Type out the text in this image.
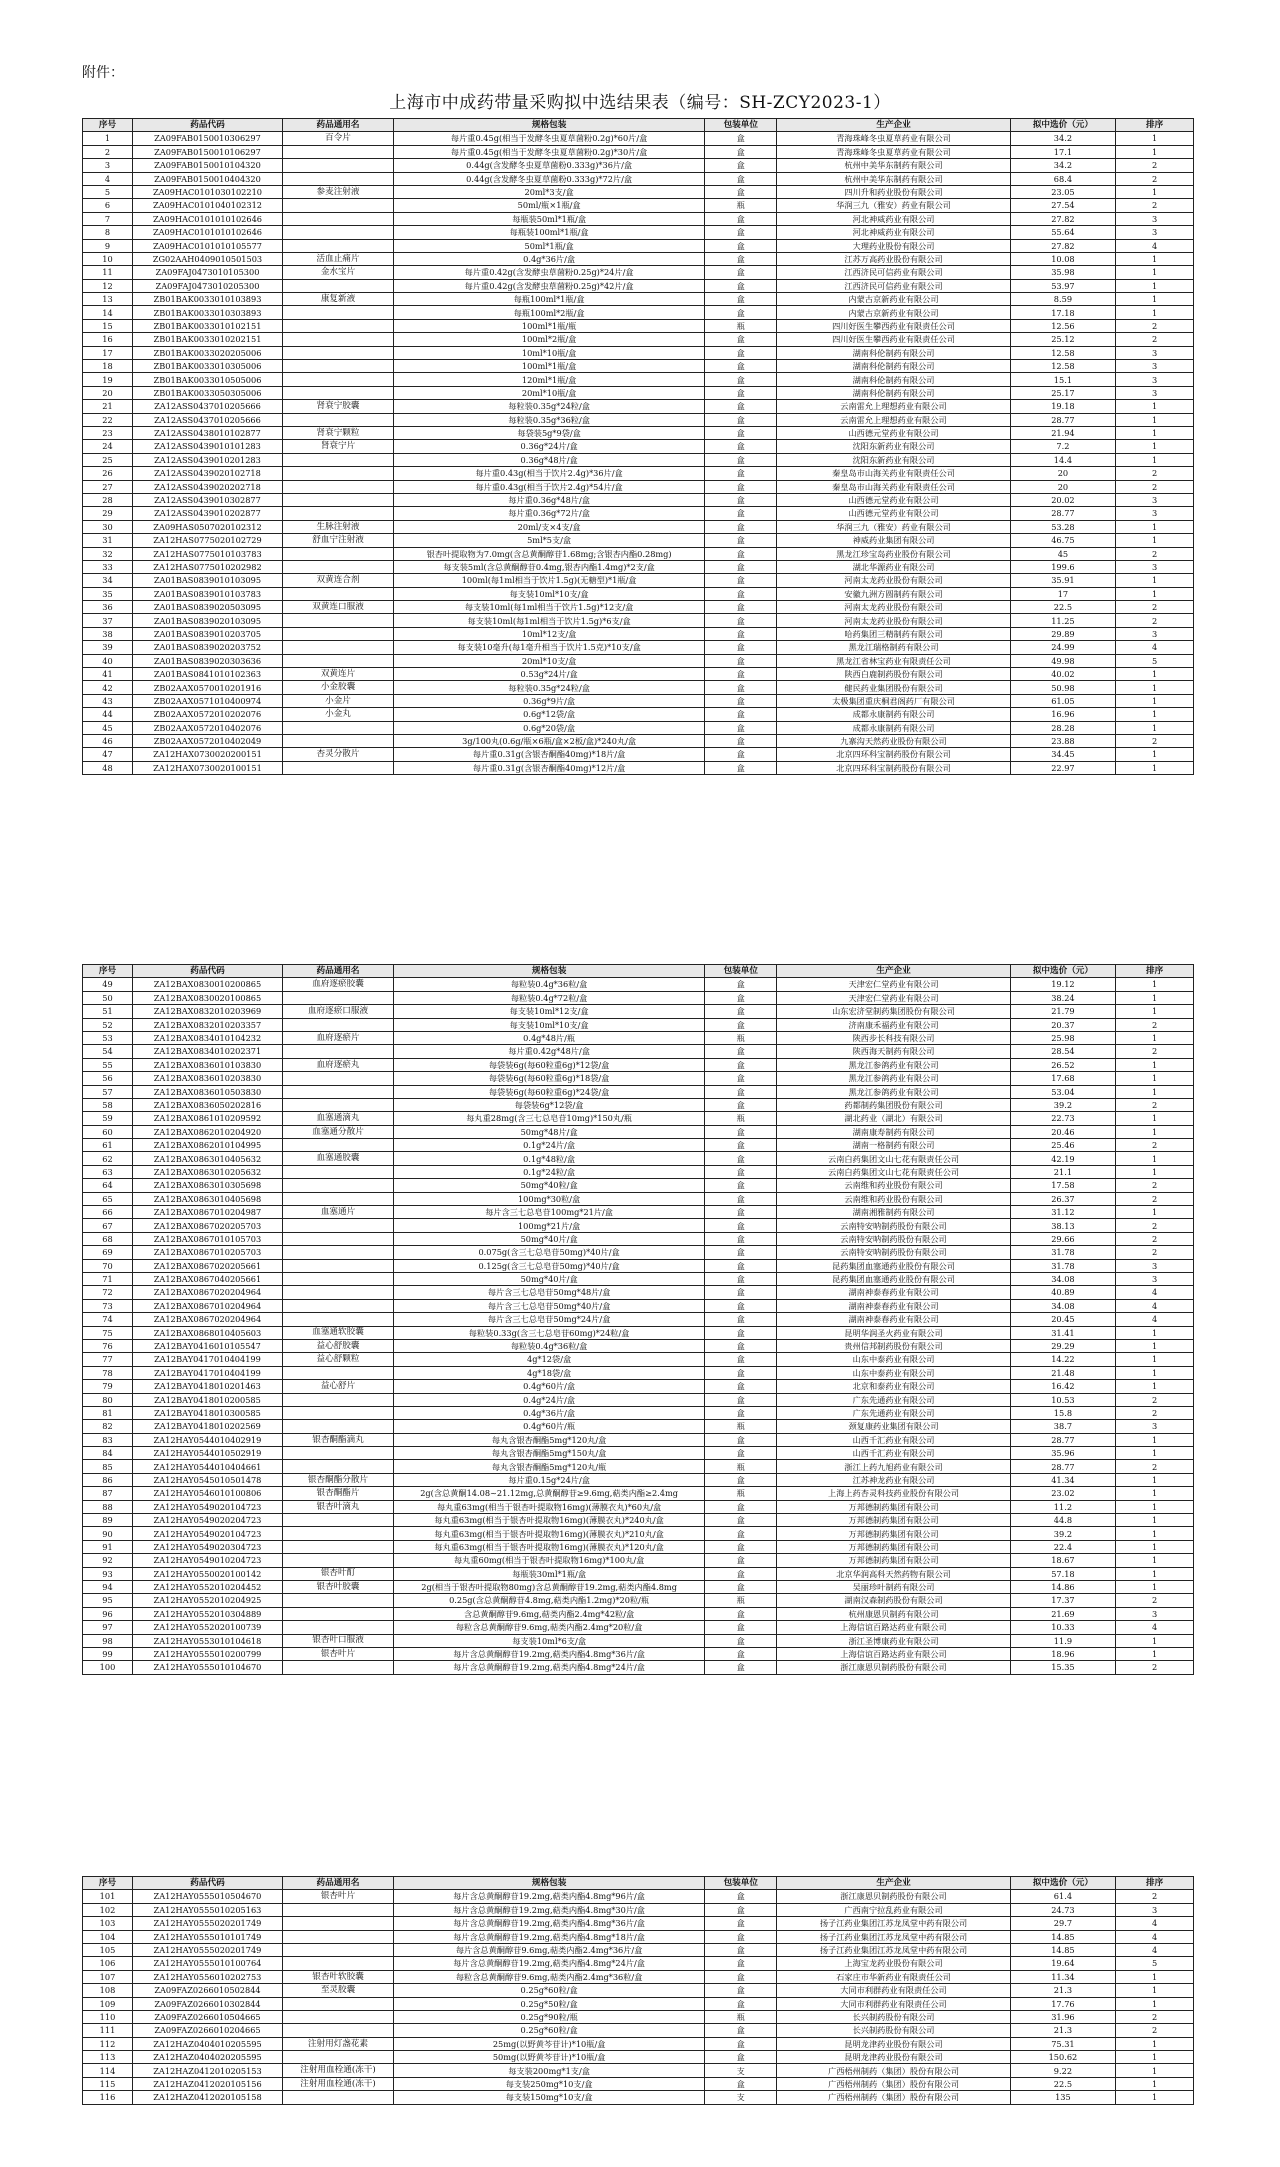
附件：
上海市中成药带量采购拟中选结果表（编号：SH-ZCY2023-1）
序号	药品代码	药品通用名	规格包装	包装单位	生产企业	拟中选价（元）	排序
1	ZA09FAB0150010306297	百令片	每片重0.45g(相当于发酵冬虫夏草菌粉0.2g)*60片/盒	盒	青海珠峰冬虫夏草药业有限公司	34.2	1
2	ZA09FAB0150010106297		每片重0.45g(相当于发酵冬虫夏草菌粉0.2g)*30片/盒	盒	青海珠峰冬虫夏草药业有限公司	17.1	1
3	ZA09FAB0150010104320		0.44g(含发酵冬虫夏草菌粉0.333g)*36片/盒	盒	杭州中美华东制药有限公司	34.2	2
4	ZA09FAB0150010404320		0.44g(含发酵冬虫夏草菌粉0.333g)*72片/盒	盒	杭州中美华东制药有限公司	68.4	2
5	ZA09HAC0101030102210	参麦注射液	20ml*3支/盒	盒	四川升和药业股份有限公司	23.05	1
6	ZA09HAC0101040102312		50ml/瓶×1瓶/盒	瓶	华润三九（雅安）药业有限公司	27.54	2
7	ZA09HAC0101010102646		每瓶装50ml*1瓶/盒	盒	河北神威药业有限公司	27.82	3
8	ZA09HAC0101010102646		每瓶装100ml*1瓶/盒	盒	河北神威药业有限公司	55.64	3
9	ZA09HAC0101010105577		50ml*1瓶/盒	盒	大理药业股份有限公司	27.82	4
10	ZG02AAH0409010501503	活血止痛片	0.4g*36片/盒	盒	江苏万高药业股份有限公司	10.08	1
11	ZA09FAJ0473010105300	金水宝片	每片重0.42g(含发酵虫草菌粉0.25g)*24片/盒	盒	江西济民可信药业有限公司	35.98	1
12	ZA09FAJ0473010205300		每片重0.42g(含发酵虫草菌粉0.25g)*42片/盒	盒	江西济民可信药业有限公司	53.97	1
13	ZB01BAK0033010103893	康复新液	每瓶100ml*1瓶/盒	盒	内蒙古京新药业有限公司	8.59	1
14	ZB01BAK0033010303893		每瓶100ml*2瓶/盒	盒	内蒙古京新药业有限公司	17.18	1
15	ZB01BAK0033010102151		100ml*1瓶/瓶	瓶	四川好医生攀西药业有限责任公司	12.56	2
16	ZB01BAK0033010202151		100ml*2瓶/盒	盒	四川好医生攀西药业有限责任公司	25.12	2
17	ZB01BAK0033020205006		10ml*10瓶/盒	盒	湖南科伦制药有限公司	12.58	3
18	ZB01BAK0033010305006		100ml*1瓶/盒	盒	湖南科伦制药有限公司	12.58	3
19	ZB01BAK0033010505006		120ml*1瓶/盒	盒	湖南科伦制药有限公司	15.1	3
20	ZB01BAK0033050305006		20ml*10瓶/盒	盒	湖南科伦制药有限公司	25.17	3
21	ZA12ASS0437010205666	肾衰宁胶囊	每粒装0.35g*24粒/盒	盒	云南雷允上理想药业有限公司	19.18	1
22	ZA12ASS0437010205666		每粒装0.35g*36粒/盒	盒	云南雷允上理想药业有限公司	28.77	1
23	ZA12ASS0438010102877	肾衰宁颗粒	每袋装5g*9袋/盒	盒	山西德元堂药业有限公司	21.94	1
24	ZA12ASS0439010101283	肾衰宁片	0.36g*24片/盒	盒	沈阳东新药业有限公司	7.2	1
25	ZA12ASS0439010201283		0.36g*48片/盒	盒	沈阳东新药业有限公司	14.4	1
26	ZA12ASS0439020102718		每片重0.43g(相当于饮片2.4g)*36片/盒	盒	秦皇岛市山海关药业有限责任公司	20	2
27	ZA12ASS0439020202718		每片重0.43g(相当于饮片2.4g)*54片/盒	盒	秦皇岛市山海关药业有限责任公司	20	2
28	ZA12ASS0439010302877		每片重0.36g*48片/盒	盒	山西德元堂药业有限公司	20.02	3
29	ZA12ASS0439010202877		每片重0.36g*72片/盒	盒	山西德元堂药业有限公司	28.77	3
30	ZA09HAS0507020102312	生脉注射液	20ml/支×4支/盒	盒	华润三九（雅安）药业有限公司	53.28	1
31	ZA12HAS0775020102729	舒血宁注射液	5ml*5支/盒	盒	神威药业集团有限公司	46.75	1
32	ZA12HAS0775010103783		银杏叶提取物为7.0mg(含总黄酮醇苷1.68mg;含银杏内酯0.28mg)	盒	黑龙江珍宝岛药业股份有限公司	45	2
33	ZA12HAS0775010202982		每支装5ml(含总黄酮醇苷0.4mg,银杏内酯1.4mg)*2支/盒	盒	湖北华源药业有限公司	199.6	3
34	ZA01BAS0839010103095	双黄连合剂	100ml(每1ml相当于饮片1.5g)(无糖型)*1瓶/盒	盒	河南太龙药业股份有限公司	35.91	1
35	ZA01BAS0839010103783		每支装10ml*10支/盒	盒	安徽九洲方圆制药有限公司	17	1
36	ZA01BAS0839020503095	双黄连口服液	每支装10ml(每1ml相当于饮片1.5g)*12支/盒	盒	河南太龙药业股份有限公司	22.5	2
37	ZA01BAS0839020103095		每支装10ml(每1ml相当于饮片1.5g)*6支/盒	盒	河南太龙药业股份有限公司	11.25	2
38	ZA01BAS0839010203705		10ml*12支/盒	盒	哈药集团三精制药有限公司	29.89	3
39	ZA01BAS0839020203752		每支装10毫升(每1毫升相当于饮片1.5克)*10支/盒	盒	黑龙江瑞格制药有限公司	24.99	4
40	ZA01BAS0839020303636		20ml*10支/盒	盒	黑龙江省林宝药业有限责任公司	49.98	5
41	ZA01BAS0841010102363	双黄连片	0.53g*24片/盒	盒	陕西白鹿制药股份有限公司	40.02	1
42	ZB02AAX0570010201916	小金胶囊	每粒装0.35g*24粒/盒	盒	健民药业集团股份有限公司	50.98	1
43	ZB02AAX0571010400974	小金片	0.36g*9片/盒	盒	太极集团重庆桐君阁药厂有限公司	61.05	1
44	ZB02AAX0572010202076	小金丸	0.6g*12袋/盒	盒	成都永康制药有限公司	16.96	1
45	ZB02AAX0572010402076		0.6g*20袋/盒	盒	成都永康制药有限公司	28.28	1
46	ZB02AAX0572010402049		3g/100丸(0.6g/瓶×6瓶/盒×2板/盒)*240丸/盒	盒	九寨沟天然药业股份有限公司	23.88	2
47	ZA12HAX0730020200151	杏灵分散片	每片重0.31g(含银杏酮酯40mg)*18片/盒	盒	北京四环科宝制药股份有限公司	34.45	1
48	ZA12HAX0730020100151		每片重0.31g(含银杏酮酯40mg)*12片/盒	盒	北京四环科宝制药股份有限公司	22.97	1
序号	药品代码	药品通用名	规格包装	包装单位	生产企业	拟中选价（元）	排序
49	ZA12BAX0830010200865	血府逐瘀胶囊	每粒装0.4g*36粒/盒	盒	天津宏仁堂药业有限公司	19.12	1
50	ZA12BAX0830020100865		每粒装0.4g*72粒/盒	盒	天津宏仁堂药业有限公司	38.24	1
51	ZA12BAX0832010203969	血府逐瘀口服液	每支装10ml*12支/盒	盒	山东宏济堂制药集团股份有限公司	21.79	1
52	ZA12BAX0832010203357		每支装10ml*10支/盒	盒	济南康禾福药业有限公司	20.37	2
53	ZA12BAX0834010104232	血府逐瘀片	0.4g*48片/瓶	瓶	陕西步长科技有限公司	25.98	1
54	ZA12BAX0834010202371		每片重0.42g*48片/盒	盒	陕西海天制药有限公司	28.54	2
55	ZA12BAX0836010103830	血府逐瘀丸	每袋装6g(每60粒重6g)*12袋/盒	盒	黑龙江参鸽药业有限公司	26.52	1
56	ZA12BAX0836010203830		每袋装6g(每60粒重6g)*18袋/盒	盒	黑龙江参鸽药业有限公司	17.68	1
57	ZA12BAX0836010503830		每袋装6g(每60粒重6g)*24袋/盒	盒	黑龙江参鸽药业有限公司	53.04	1
58	ZA12BAX0836050202816		每袋装6g*12袋/盒	盒	药都制药集团股份有限公司	39.2	2
59	ZA12BAX0861010209592	血塞通滴丸	每丸重28mg(含三七总皂苷10mg)*150丸/瓶	瓶	湖北药业（湖北）有限公司	22.73	1
60	ZA12BAX0862010204920	血塞通分散片	50mg*48片/盒	盒	湖南康寿制药有限公司	20.46	1
61	ZA12BAX0862010104995		0.1g*24片/盒	盒	湖南一格制药有限公司	25.46	2
62	ZA12BAX0863010405632	血塞通胶囊	0.1g*48粒/盒	盒	云南白药集团文山七花有限责任公司	42.19	1
63	ZA12BAX0863010205632		0.1g*24粒/盒	盒	云南白药集团文山七花有限责任公司	21.1	1
64	ZA12BAX0863010305698		50mg*40粒/盒	盒	云南维和药业股份有限公司	17.58	2
65	ZA12BAX0863010405698		100mg*30粒/盒	盒	云南维和药业股份有限公司	26.37	2
66	ZA12BAX0867010204987	血塞通片	每片含三七总皂苷100mg*21片/盒	盒	湖南湘雅制药有限公司	31.12	1
67	ZA12BAX0867020205703		100mg*21片/盒	盒	云南特安呐制药股份有限公司	38.13	2
68	ZA12BAX0867010105703		50mg*40片/盒	盒	云南特安呐制药股份有限公司	29.66	2
69	ZA12BAX0867010205703		0.075g(含三七总皂苷50mg)*40片/盒	盒	云南特安呐制药股份有限公司	31.78	2
70	ZA12BAX0867020205661		0.125g(含三七总皂苷50mg)*40片/盒	盒	昆药集团血塞通药业股份有限公司	31.78	3
71	ZA12BAX0867040205661		50mg*40片/盒	盒	昆药集团血塞通药业股份有限公司	34.08	3
72	ZA12BAX0867020204964		每片含三七总皂苷50mg*48片/盒	盒	湖南神泰春药业有限公司	40.89	4
73	ZA12BAX0867010204964		每片含三七总皂苷50mg*40片/盒	盒	湖南神泰春药业有限公司	34.08	4
74	ZA12BAX0867020204964		每片含三七总皂苷50mg*24片/盒	盒	湖南神泰春药业有限公司	20.45	4
75	ZA12BAX0868010405603	血塞通软胶囊	每粒装0.33g(含三七总皂苷60mg)*24粒/盒	盒	昆明华润圣火药业有限公司	31.41	1
76	ZA12BAY0416010105547	益心舒胶囊	每粒装0.4g*36粒/盒	盒	贵州信邦制药股份有限公司	29.29	1
77	ZA12BAY0417010404199	益心舒颗粒	4g*12袋/盒	盒	山东中泰药业有限公司	14.22	1
78	ZA12BAY0417010404199		4g*18袋/盒	盒	山东中泰药业有限公司	21.48	1
79	ZA12BAY0418010201463	益心舒片	0.4g*60片/盒	盒	北京和泰药业有限公司	16.42	1
80	ZA12BAY0418010200585		0.4g*24片/盒	盒	广东先通药业有限公司	10.53	2
81	ZA12BAY0418010300585		0.4g*36片/盒	盒	广东先通药业有限公司	15.8	2
82	ZA12BAY0418010202569		0.4g*60片/瓶	瓶	颈复康药业集团有限公司	38.7	3
83	ZA12HAY0544010402919	银杏酮酯滴丸	每丸含银杏酮酯5mg*120丸/盒	盒	山西千汇药业有限公司	28.77	1
84	ZA12HAY0544010502919		每丸含银杏酮酯5mg*150丸/盒	盒	山西千汇药业有限公司	35.96	1
85	ZA12HAY0544010404661		每丸含银杏酮酯5mg*120丸/瓶	瓶	浙江上药九旭药业有限公司	28.77	2
86	ZA12HAY0545010501478	银杏酮酯分散片	每片重0.15g*24片/盒	盒	江苏神龙药业有限公司	41.34	1
87	ZA12HAY0546010100806	银杏酮酯片	2g(含总黄酮14.08~21.12mg,总黄酮醇苷≥9.6mg,萜类内酯≥2.4mg	瓶	上海上药杏灵科技药业股份有限公司	23.02	1
88	ZA12HAY0549020104723	银杏叶滴丸	每丸重63mg(相当于银杏叶提取物16mg)(薄膜衣丸)*60丸/盒	盒	万邦德制药集团有限公司	11.2	1
89	ZA12HAY0549020204723		每丸重63mg(相当于银杏叶提取物16mg)(薄膜衣丸)*240丸/盒	盒	万邦德制药集团有限公司	44.8	1
90	ZA12HAY0549020104723		每丸重63mg(相当于银杏叶提取物16mg)(薄膜衣丸)*210丸/盒	盒	万邦德制药集团有限公司	39.2	1
91	ZA12HAY0549020304723		每丸重63mg(相当于银杏叶提取物16mg)(薄膜衣丸)*120丸/盒	盒	万邦德制药集团有限公司	22.4	1
92	ZA12HAY0549010204723		每丸重60mg(相当于银杏叶提取物16mg)*100丸/盒	盒	万邦德制药集团有限公司	18.67	1
93	ZA12HAY0550020100142	银杏叶酊	每瓶装30ml*1瓶/盒	盒	北京华润高科天然药物有限公司	57.18	1
94	ZA12HAY0552010204452	银杏叶胶囊	2g(相当于银杏叶提取物80mg)含总黄酮醇苷19.2mg,萜类内酯4.8mg	盒	吴丽珍叶制药有限公司	14.86	1
95	ZA12HAY0552010204925		0.25g(含总黄酮醇苷4.8mg,萜类内酯1.2mg)*20粒/瓶	瓶	湖南汉森制药股份有限公司	17.37	2
96	ZA12HAY0552010304889		含总黄酮醇苷9.6mg,萜类内酯2.4mg*42粒/盒	盒	杭州康恩贝制药有限公司	21.69	3
97	ZA12HAY0552020100739		每粒含总黄酮醇苷9.6mg,萜类内酯2.4mg*20粒/盒	盒	上海信谊百路达药业有限公司	10.33	4
98	ZA12HAY0553010104618	银杏叶口服液	每支装10ml*6支/盒	盒	浙江圣博康药业有限公司	11.9	1
99	ZA12HAY0555010200799	银杏叶片	每片含总黄酮醇苷19.2mg,萜类内酯4.8mg*36片/盒	盒	上海信谊百路达药业有限公司	18.96	1
100	ZA12HAY0555010104670		每片含总黄酮醇苷19.2mg,萜类内酯4.8mg*24片/盒	盒	浙江康恩贝制药股份有限公司	15.35	2
序号	药品代码	药品通用名	规格包装	包装单位	生产企业	拟中选价（元）	排序
101	ZA12HAY0555010504670	银杏叶片	每片含总黄酮醇苷19.2mg,萜类内酯4.8mg*96片/盒	盒	浙江康恩贝制药股份有限公司	61.4	2
102	ZA12HAY0555010205163		每片含总黄酮醇苷19.2mg,萜类内酯4.8mg*30片/盒	盒	广西南宁拉乱药业有限公司	24.73	3
103	ZA12HAY0555020201749		每片含总黄酮醇苷19.2mg,萜类内酯4.8mg*36片/盒	盒	扬子江药业集团江苏龙凤堂中药有限公司	29.7	4
104	ZA12HAY0555010101749		每片含总黄酮醇苷19.2mg,萜类内酯4.8mg*18片/盒	盒	扬子江药业集团江苏龙凤堂中药有限公司	14.85	4
105	ZA12HAY0555020201749		每片含总黄酮醇苷9.6mg,萜类内酯2.4mg*36片/盒	盒	扬子江药业集团江苏龙凤堂中药有限公司	14.85	4
106	ZA12HAY0555010100764		每片含总黄酮醇苷19.2mg,萜类内酯4.8mg*24片/盒	盒	上海宝龙药业股份有限公司	19.64	5
107	ZA12HAY0556010202753	银杏叶软胶囊	每粒含总黄酮醇苷9.6mg,萜类内酯2.4mg*36粒/盒	盒	石家庄市华新药业有限责任公司	11.34	1
108	ZA09FAZ0266010502844	至灵胶囊	0.25g*60粒/盒	盒	大同市利群药业有限责任公司	21.3	1
109	ZA09FAZ0266010302844		0.25g*50粒/盒	盒	大同市利群药业有限责任公司	17.76	1
110	ZA09FAZ0266010504665		0.25g*90粒/瓶	瓶	长兴制药股份有限公司	31.96	2
111	ZA09FAZ0266010204665		0.25g*60粒/盒	盒	长兴制药股份有限公司	21.3	2
112	ZA12HAZ0404010205595	注射用灯盏花素	25mg(以野黄芩苷计)*10瓶/盒	盒	昆明龙津药业股份有限公司	75.31	1
113	ZA12HAZ0404020205595		50mg(以野黄芩苷计)*10瓶/盒	盒	昆明龙津药业股份有限公司	150.62	1
114	ZA12HAZ0412010205153	注射用血栓通(冻干)	每支装200mg*1支/盒	支	广西梧州制药（集团）股份有限公司	9.22	1
115	ZA12HAZ0412020105156	注射用血栓通(冻干)	每支装250mg*10支/盒	盒	广西梧州制药（集团）股份有限公司	22.5	1
116	ZA12HAZ0412020105158		每支装150mg*10支/盒	支	广西梧州制药（集团）股份有限公司	135	1
